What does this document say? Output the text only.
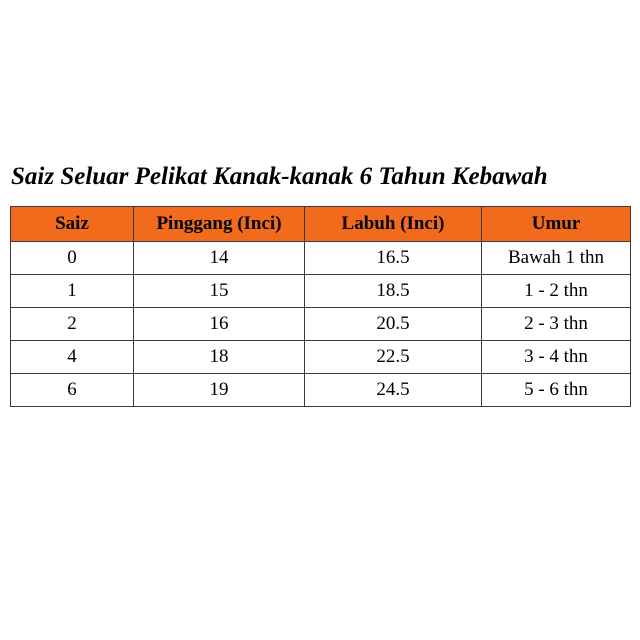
Saiz Seluar Pelikat Kanak-kanak 6 Tahun Kebawah
Saiz	Pinggang (Inci)	Labuh (Inci)	Umur
0	14	16.5	Bawah 1 thn
1	15	18.5	1 - 2 thn
2	16	20.5	2 - 3 thn
4	18	22.5	3 - 4 thn
6	19	24.5	5 - 6 thn
